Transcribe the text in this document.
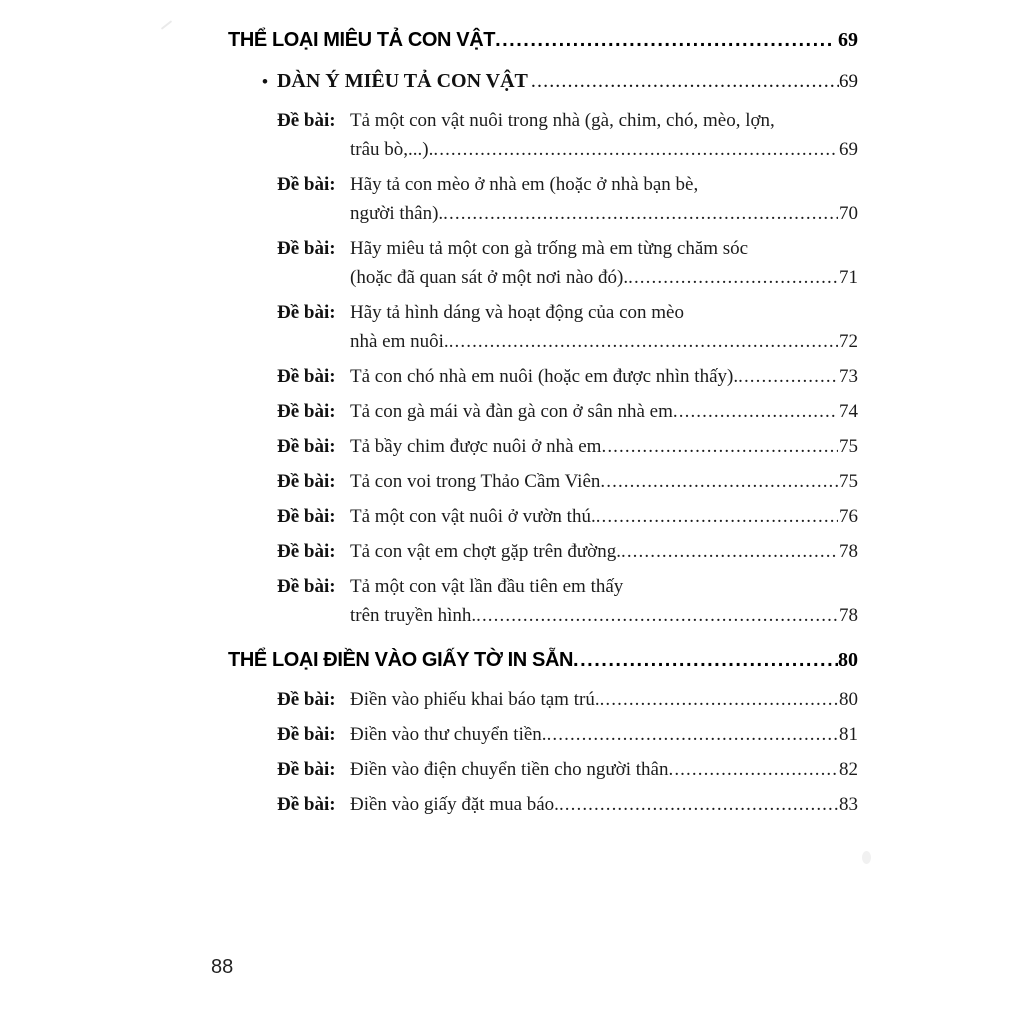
THỂ LOẠI MIÊU TẢ CON VẬT .....	69
• DÀN Ý MIÊU TẢ CON VẬT .....	69
Đề bài: Tả một con vật nuôi trong nhà (gà, chim, chó, mèo, lợn,
trâu bò,...). .....	69
Đề bài: Hãy tả con mèo ở nhà em (hoặc ở nhà bạn bè,
người thân). .....	70
Đề bài: Hãy miêu tả một con gà trống mà em từng chăm sóc
(hoặc đã quan sát ở một nơi nào đó). .....	71
Đề bài: Hãy tả hình dáng và hoạt động của con mèo
nhà em nuôi. .....	72
Đề bài: Tả con chó nhà em nuôi (hoặc em được nhìn thấy). .....	73
Đề bài: Tả con gà mái và đàn gà con ở sân nhà em .....	74
Đề bài: Tả bầy chim được nuôi ở nhà em .....	75
Đề bài: Tả con voi trong Thảo Cầm Viên .....	75
Đề bài: Tả một con vật nuôi ở vườn thú. .....	76
Đề bài: Tả con vật em chợt gặp trên đường. .....	78
Đề bài: Tả một con vật lần đầu tiên em thấy
trên truyền hình. .....	78
THỂ LOẠI ĐIỀN VÀO GIẤY TỜ IN SẴN .....	80
Đề bài: Điền vào phiếu khai báo tạm trú. .....	80
Đề bài: Điền vào thư chuyển tiền. .....	81
Đề bài: Điền vào điện chuyển tiền cho người thân .....	82
Đề bài: Điền vào giấy đặt mua báo. .....	83
88
